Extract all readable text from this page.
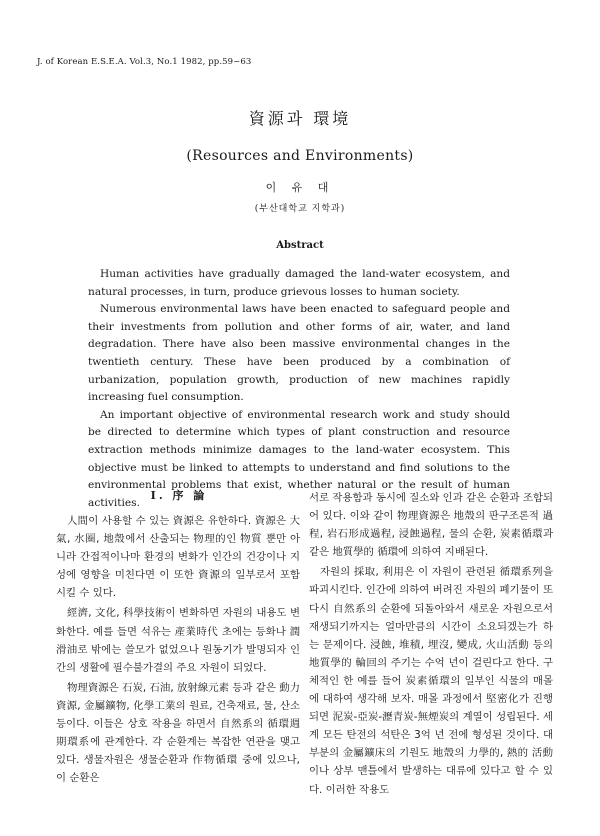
J. of Korean E.S.E.A. Vol.3, No.1 1982, pp.59~63
資源과 環境
(Resources and Environments)
이 유 대
(부산대학교 지학과)
Abstract

Human activities have gradually damaged the land-water ecosystem, and natural processes, in turn, produce grievous losses to human society.

Numerous environmental laws have been enacted to safeguard people and their investments from pollution and other forms of air, water, and land degradation. There have also been massive environmental changes in the twentieth century. These have been produced by a combination of urbanization, population growth, production of new machines rapidly increasing fuel consumption.

An important objective of environmental research work and study should be directed to determine which types of plant construction and resource extraction methods minimize damages to the land-water ecosystem. This objective must be linked to attempts to understand and find solutions to the environmental problems that exist, whether natural or the result of human activities.

I. 序 論

人間이 사용할 수 있는 資源은 유한하다. 資源은 大氣, 水圈, 地殼에서 산출되는 物理的인 物質 뿐만 아니라 간접적이나마 환경의 변화가 인간의 건강이나 지성에 영향을 미친다면 이 또한 資源의 일부로서 포함시킬 수 있다.

經濟, 文化, 科學技術이 변화하면 자원의 내용도 변화한다. 예를 들면 석유는 產業時代 초에는 등화나 潤滑油로 밖에는 쓸모가 없었으나 원동기가 발명되자 인간의 생활에 필수불가결의 주요 자원이 되었다.

物理資源은 石炭, 石油, 放射線元素 등과 같은 動力資源, 金屬鑛物, 化學工業의 원료, 건축재료, 물, 산소 등이다. 이들은 상호 작용을 하면서 自然系의 循環週期環系에 관계한다. 각 순환계는 복잡한 연관을 맺고 있다. 생물자원은 생물순환과 作物循環 중에 있으나, 이 순환은

서로 작용함과 동시에 질소와 인과 같은 순환과 조합되어 있다. 이와 같이 物理資源은 地殼의 판구조론적 過程, 岩石形成過程, 浸蝕過程, 물의 순환, 炭素循環과 같은 地質學的 循環에 의하여 지배된다.

자원의 採取, 利用은 이 자원이 관련된 循環系列을 파괴시킨다. 인간에 의하여 버려진 자원의 폐기물이 또다시 自然系의 순환에 되돌아와서 새로운 자원으로서 재생되기까지는 얼마만큼의 시간이 소요되겠는가 하는 문제이다. 浸蝕, 堆積, 埋沒, 變成, 火山活動 등의 地質學的 輪回의 주기는 수억 년이 걸린다고 한다. 구체적인 한 예를 들어 炭素循環의 일부인 식물의 매몰에 대하여 생각해 보자. 매몰 과정에서 堅密化가 진행되면 泥炭-亞炭-瀝青炭-無煙炭의 계열이 성립된다. 세계 모든 탄전의 석탄은 3억 년 전에 형성된 것이다. 대부분의 金屬鑛床의 기원도 地殼의 力學的, 熱的 活動이나 상부 맨틀에서 발생하는 대류에 있다고 할 수 있다. 이러한 작용도
